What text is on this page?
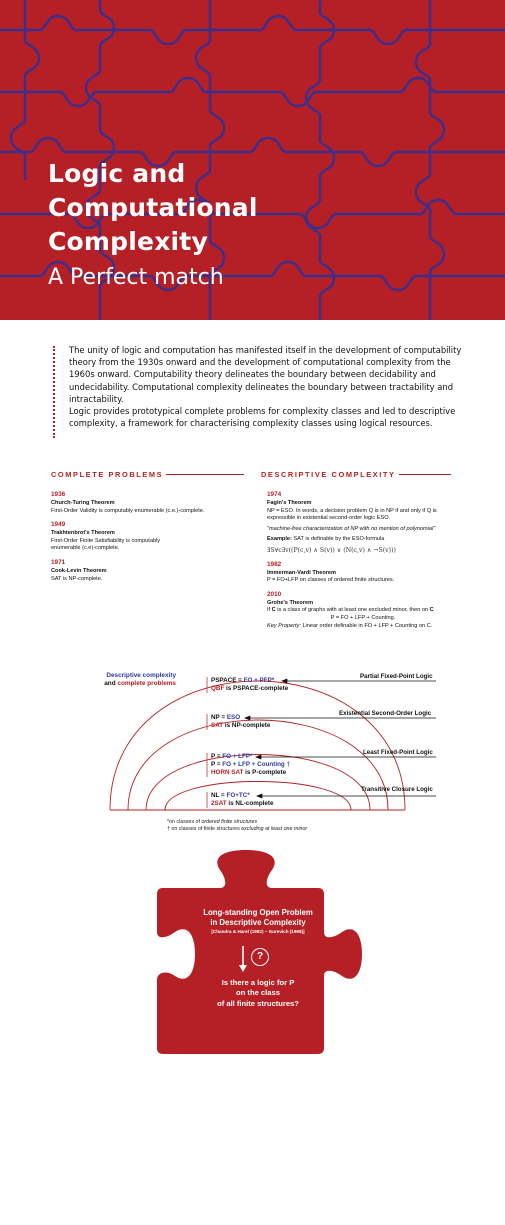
Logic and
Computational
Complexity
A Perfect match

The unity of logic and computation has manifested itself in the development of computability theory from the 1930s onward and the development of computational complexity from the 1960s onward. Computability theory delineates the boundary between decidability and undecidability. Computational complexity delineates the boundary between tractability and intractability.

Logic provides prototypical complete problems for complexity classes and led to descriptive complexity, a framework for characterising complexity classes using logical resources.

COMPLETE PROBLEMS
1936
Church-Turing Theorem
First-Order Validity is computably enumerable (c.e.)-complete.
1949
Trakhtenbrot's Theorem
First-Order Finite Satisfiability is computably enumerable (c.e)-complete.
1971
Cook-Levin Theorem
SAT is NP-complete.
DESCRIPTIVE COMPLEXITY
1974
Fagin's Theorem
NP = ESO. In words, a decision problem Q is in NP if and only if Q is expressible in existential second-order logic ESO.
"machine-free characterization of NP with no mention of polynomial"
Example: SAT is definable by the ESO-formula
∃S∀c∃v((P(c,v) ∧ S(v)) ∨ (N(c,v) ∧ ¬S(v)))
1982
Immerman-Vardi Theorem
P = FO+LFP on classes of ordered finite structures.
2010
Grohe's Theorem
If C is a class of graphs with at least one excluded minor, then on C
P = FO + LFP + Counting.
Key Property: Linear order definable in FO + LFP + Counting on C.
Descriptive complexity
and complete problems
Partial Fixed-Point Logic
Existential Second-Order Logic
Least Fixed-Point Logic
Transitive Closure Logic
PSPACE = FO + PFP*
QBF is PSPACE-complete
NP = ESO
SAT is NP-complete
P = FO + LFP*
P = FO + LFP + Counting †
HORN SAT is P-complete
NL = FO+TC*
2SAT is NL-complete
*on classes of ordered finite structures
† on classes of finite structures excluding at least one minor
Long-standing Open Problem
in Descriptive Complexity
[Chandra & Harel (1982) – Gurevich (1988)]
?
Is there a logic for P
on the class
of all finite structures?
